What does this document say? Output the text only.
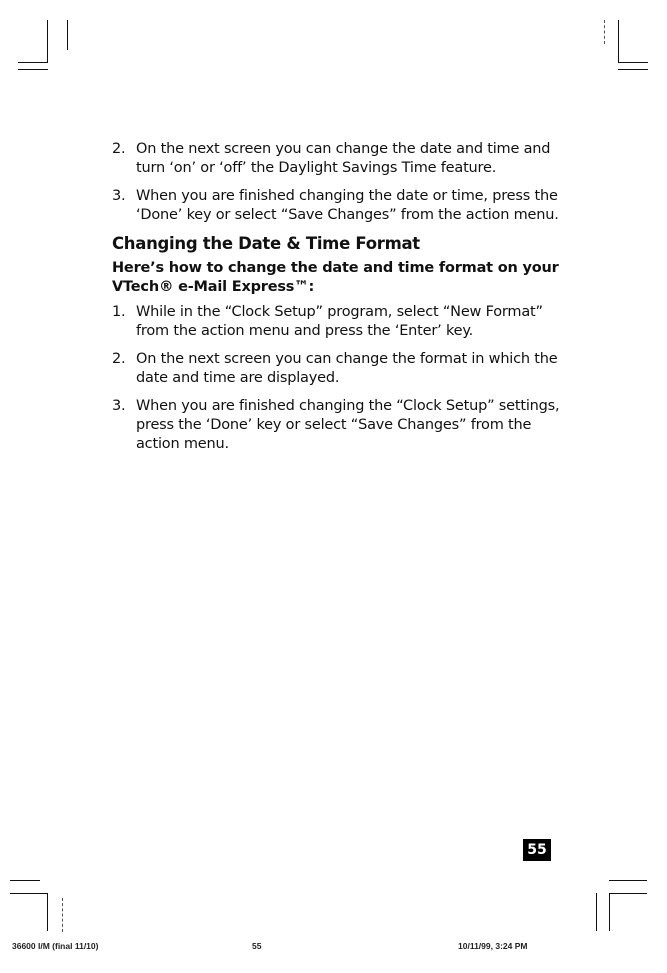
2. On the next screen you can change the date and time and turn ‘on’ or ‘off’ the Daylight Savings Time feature.
3. When you are finished changing the date or time, press the ‘Done’ key or select “Save Changes” from the action menu.
Changing the Date & Time Format

Here’s how to change the date and time format on your VTech® e-Mail Express™:

1. While in the “Clock Setup” program, select “New Format” from the action menu and press the ‘Enter’ key.
2. On the next screen you can change the format in which the date and time are displayed.
3. When you are finished changing the “Clock Setup” settings, press the ‘Done’ key or select “Save Changes” from the action menu.
55
36600 I/M (final 11/10)	55	10/11/99, 3:24 PM
